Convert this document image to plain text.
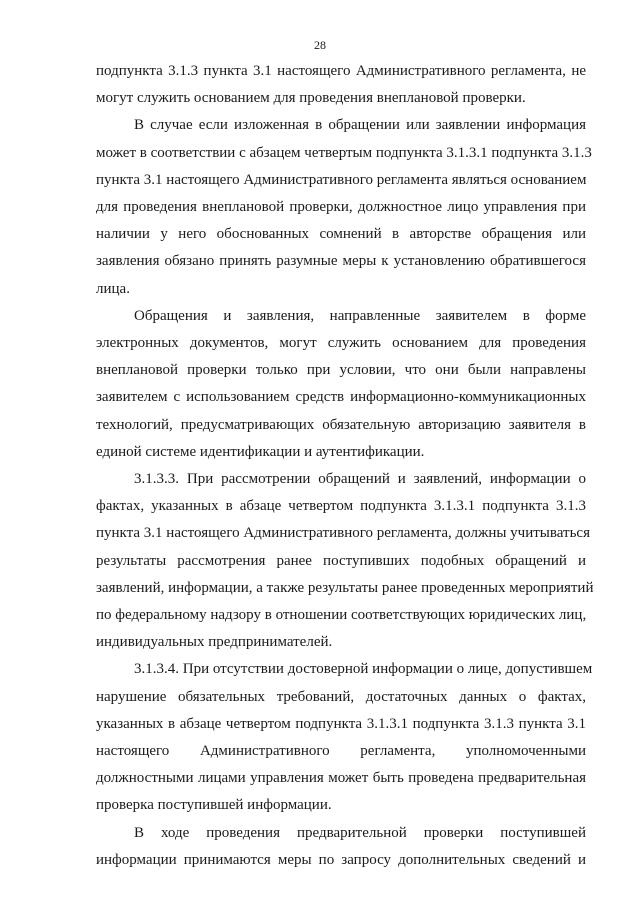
28
подпункта 3.1.3 пункта 3.1 настоящего Административного регламента, не
могут служить основанием для проведения внеплановой проверки.
В случае если изложенная в обращении или заявлении информация
может в соответствии с абзацем четвертым подпункта 3.1.3.1 подпункта 3.1.3
пункта 3.1 настоящего Административного регламента являться основанием
для проведения внеплановой проверки, должностное лицо управления при
наличии у него обоснованных сомнений в авторстве обращения или
заявления обязано принять разумные меры к установлению обратившегося
лица.
Обращения и заявления, направленные заявителем в форме
электронных документов, могут служить основанием для проведения
внеплановой проверки только при условии, что они были направлены
заявителем с использованием средств информационно-коммуникационных
технологий, предусматривающих обязательную авторизацию заявителя в
единой системе идентификации и аутентификации.
3.1.3.3. При рассмотрении обращений и заявлений, информации о
фактах, указанных в абзаце четвертом подпункта 3.1.3.1 подпункта 3.1.3
пункта 3.1 настоящего Административного регламента, должны учитываться
результаты рассмотрения ранее поступивших подобных обращений и
заявлений, информации, а также результаты ранее проведенных мероприятий
по федеральному надзору в отношении соответствующих юридических лиц,
индивидуальных предпринимателей.
3.1.3.4. При отсутствии достоверной информации о лице, допустившем
нарушение обязательных требований, достаточных данных о фактах,
указанных в абзаце четвертом подпункта 3.1.3.1 подпункта 3.1.3 пункта 3.1
настоящего Административного регламента, уполномоченными
должностными лицами управления может быть проведена предварительная
проверка поступившей информации.
В ходе проведения предварительной проверки поступившей
информации принимаются меры по запросу дополнительных сведений и
